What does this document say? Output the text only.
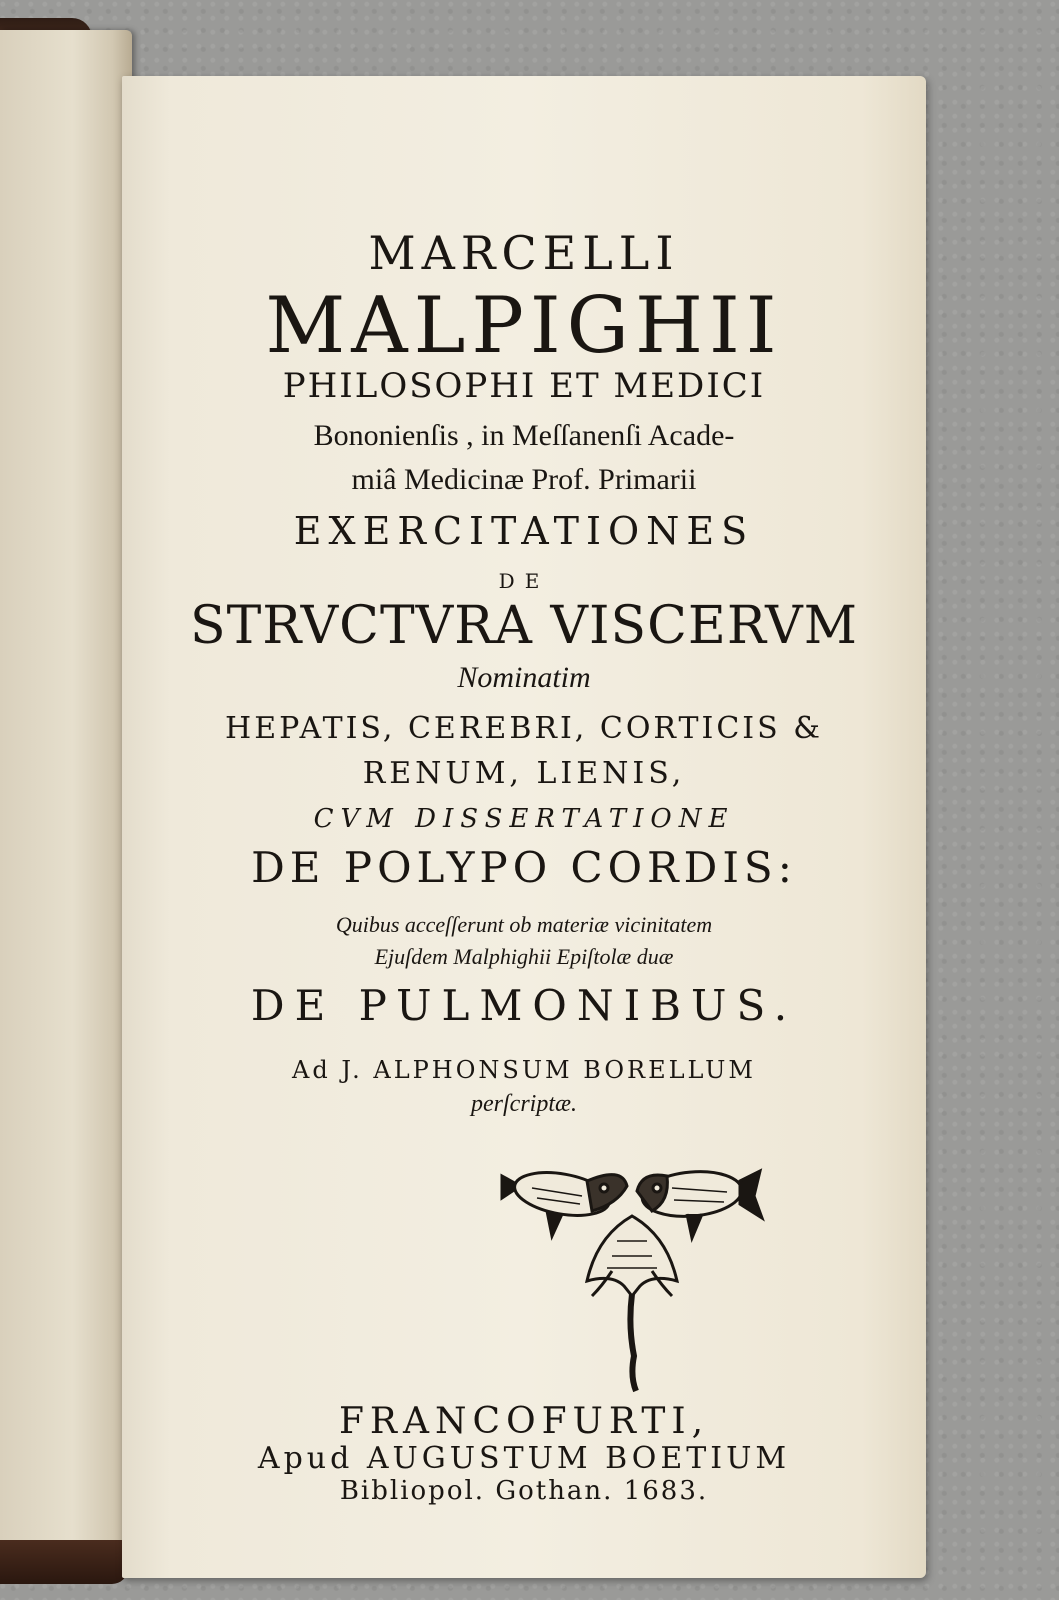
MARCELLI
MALPIGHII
PHILOSOPHI ET MEDICI
Bononienſis , in Meſſanenſi Acade-
miâ Medicinæ Prof. Primarii
EXERCITATIONES
DE
STRVCTVRA VISCERVM
Nominatim
HEPATIS, CEREBRI, CORTICIS &
RENUM, LIENIS,
CVM DISSERTATIONE
DE POLYPO CORDIS:
Quibus acceſſerunt ob materiæ vicinitatem
Ejuſdem Malphighii Epiſtolæ duæ
DE PULMONIBUS.
Ad J. ALPHONSUM BORELLUM
perſcriptæ.
FRANCOFURTI,
Apud AUGUSTUM BOETIUM
Bibliopol. Gothan. 1683.
